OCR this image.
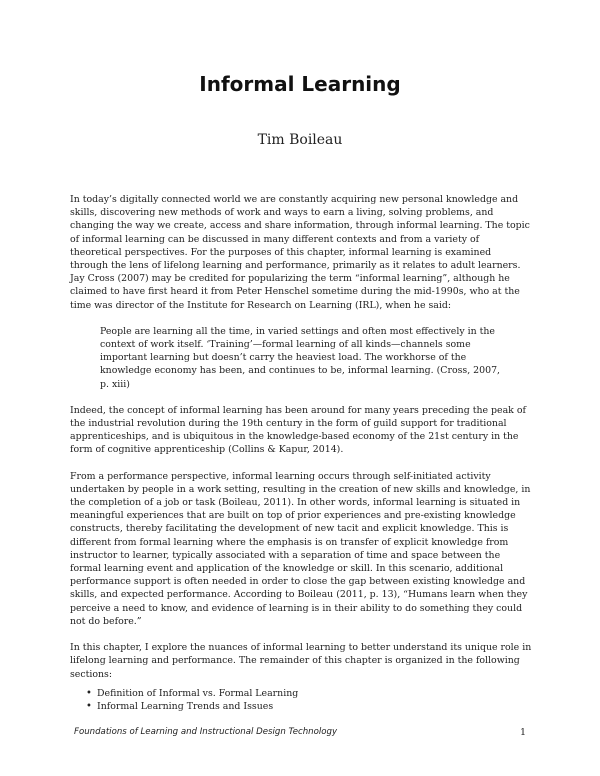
Informal Learning
Tim Boileau

In today’s digitally connected world we are constantly acquiring new personal knowledge and skills, discovering new methods of work and ways to earn a living, solving problems, and changing the way we create, access and share information, through informal learning. The topic of informal learning can be discussed in many different contexts and from a variety of theoretical perspectives. For the purposes of this chapter, informal learning is examined through the lens of lifelong learning and performance, primarily as it relates to adult learners. Jay Cross (2007) may be credited for popularizing the term “informal learning”, although he claimed to have first heard it from Peter Henschel sometime during the mid-1990s, who at the time was director of the Institute for Research on Learning (IRL), when he said:

People are learning all the time, in varied settings and often most effectively in the context of work itself. ‘Training’—formal learning of all kinds—channels some important learning but doesn’t carry the heaviest load. The workhorse of the knowledge economy has been, and continues to be, informal learning. (Cross, 2007, p. xiii)

Indeed, the concept of informal learning has been around for many years preceding the peak of the industrial revolution during the 19th century in the form of guild support for traditional apprenticeships, and is ubiquitous in the knowledge-based economy of the 21st century in the form of cognitive apprenticeship (Collins & Kapur, 2014).

From a performance perspective, informal learning occurs through self-initiated activity undertaken by people in a work setting, resulting in the creation of new skills and knowledge, in the completion of a job or task (Boileau, 2011). In other words, informal learning is situated in meaningful experiences that are built on top of prior experiences and pre-existing knowledge constructs, thereby facilitating the development of new tacit and explicit knowledge. This is different from formal learning where the emphasis is on transfer of explicit knowledge from instructor to learner, typically associated with a separation of time and space between the formal learning event and application of the knowledge or skill. In this scenario, additional performance support is often needed in order to close the gap between existing knowledge and skills, and expected performance. According to Boileau (2011, p. 13), “Humans learn when they perceive a need to know, and evidence of learning is in their ability to do something they could not do before.”

In this chapter, I explore the nuances of informal learning to better understand its unique role in lifelong learning and performance. The remainder of this chapter is organized in the following sections:

• Definition of Informal vs. Formal Learning
• Informal Learning Trends and Issues
Foundations of Learning and Instructional Design Technology	1
